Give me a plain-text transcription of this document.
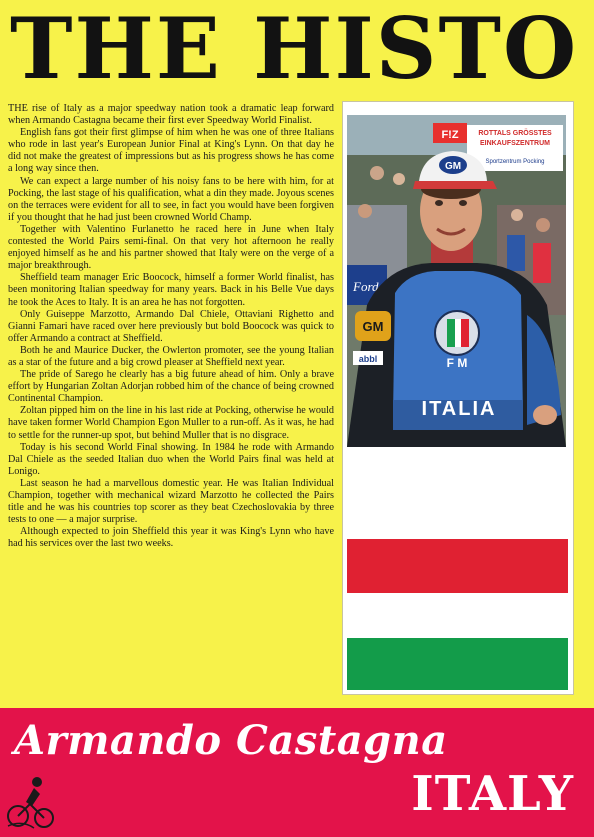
THE HISTO

THE rise of Italy as a major speedway nation took a dramatic leap forward when Armando Castagna became their first ever Speedway World Finalist.

English fans got their first glimpse of him when he was one of three Italians who rode in last year's European Junior Final at King's Lynn. On that day he did not make the greatest of impressions but as his progress shows he has come a long way since then.

We can expect a large number of his noisy fans to be here with him, for at Pocking, the last stage of his qualification, what a din they made. Joyous scenes on the terraces were evident for all to see, in fact you would have been forgiven if you thought that he had just been crowned World Champ.

Together with Valentino Furlanetto he raced here in June when Italy contested the World Pairs semi-final. On that very hot afternoon he really enjoyed himself as he and his partner showed that Italy were on the verge of a major breakthrough.

Sheffield team manager Eric Boocock, himself a former World finalist, has been monitoring Italian speedway for many years. Back in his Belle Vue days he took the Aces to Italy. It is an area he has not forgotten.

Only Guiseppe Marzotto, Armando Dal Chiele, Ottaviani Righetto and Gianni Famari have raced over here previously but bold Boocock was quick to offer Armando a contract at Sheffield.

Both he and Maurice Ducker, the Owlerton promoter, see the young Italian as a star of the future and a big crowd pleaser at Sheffield next year.

The pride of Sarego he clearly has a big future ahead of him. Only a brave effort by Hungarian Zoltan Adorjan robbed him of the chance of being crowned Continental Champion.

Zoltan pipped him on the line in his last ride at Pocking, otherwise he would have taken former World Champion Egon Muller to a run-off. As it was, he had to settle for the runner-up spot, but behind Muller that is no disgrace.

Today is his second World Final showing. In 1984 he rode with Armando Dal Chiele as the seeded Italian duo when the World Pairs final was held at Lonigo.

Last season he had a marvellous domestic year. He was Italian Individual Champion, together with mechanical wizard Marzotto he collected the Pairs title and he was his countries top scorer as they beat Czechoslovakia by three tests to one — a major surprise.

Although expected to join Sheffield this year it was King's Lynn who have had his services over the last two weeks.

F!Z	ROTTALS GRÖSSTES
EINKAUFSZENTRUM
Sportzentrum Pocking
Ford
F M
ITALIA
GM
abbl
GM
Armando Castagna
ITALY
